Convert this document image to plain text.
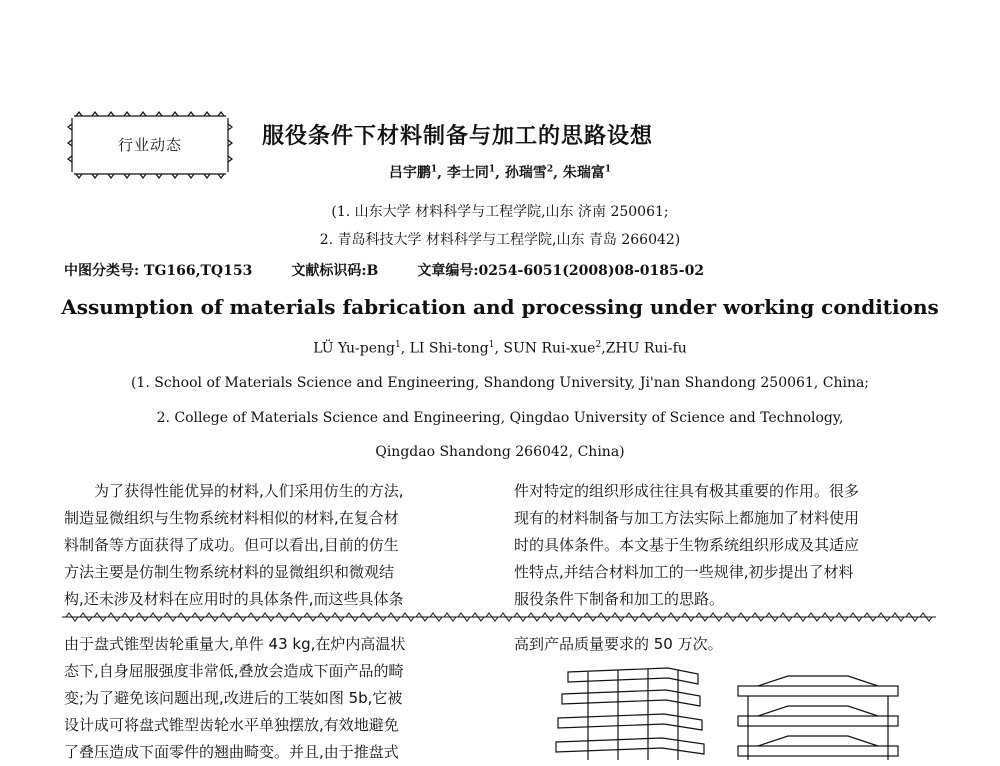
行业动态	服役条件下材料制备与加工的思路设想
吕宇鹏$^1$, 李士同$^1$, 孙瑞雪$^2$, 朱瑞富$^1$
(1. 山东大学 材料科学与工程学院,山东 济南 250061;
2. 青岛科技大学 材料科学与工程学院,山东 青岛 266042)
中图分类号: TG166,TQ153	文献标识码:B	文章编号:0254-6051(2008)08-0185-02
Assumption of materials fabrication and processing under working conditions
LÜ Yu-peng$^1$, LI Shi-tong$^1$, SUN Rui-xue$^2$,ZHU Rui-fu
(1. School of Materials Science and Engineering, Shandong University, Ji'nan Shandong 250061, China;
2. College of Materials Science and Engineering, Qingdao University of Science and Technology,
Qingdao Shandong 266042, China)

　　为了获得性能优异的材料,人们采用仿生的方法,

制造显微组织与生物系统材料相似的材料,在复合材

料制备等方面获得了成功。但可以看出,目前的仿生

方法主要是仿制生物系统材料的显微组织和微观结

构,还未涉及材料在应用时的具体条件,而这些具体条

件对特定的组织形成往往具有极其重要的作用。很多

现有的材料制备与加工方法实际上都施加了材料使用

时的具体条件。本文基于生物系统组织形成及其适应

性特点,并结合材料加工的一些规律,初步提出了材料

服役条件下制备和加工的思路。

由于盘式锥型齿轮重量大,单件 43 kg,在炉内高温状

态下,自身屈服强度非常低,叠放会造成下面产品的畸

变;为了避免该问题出现,改进后的工装如图 5b,它被

设计成可将盘式锥型齿轮水平单独摆放,有效地避免

了叠压造成下面零件的翘曲畸变。并且,由于推盘式

高到产品质量要求的 50 万次。
